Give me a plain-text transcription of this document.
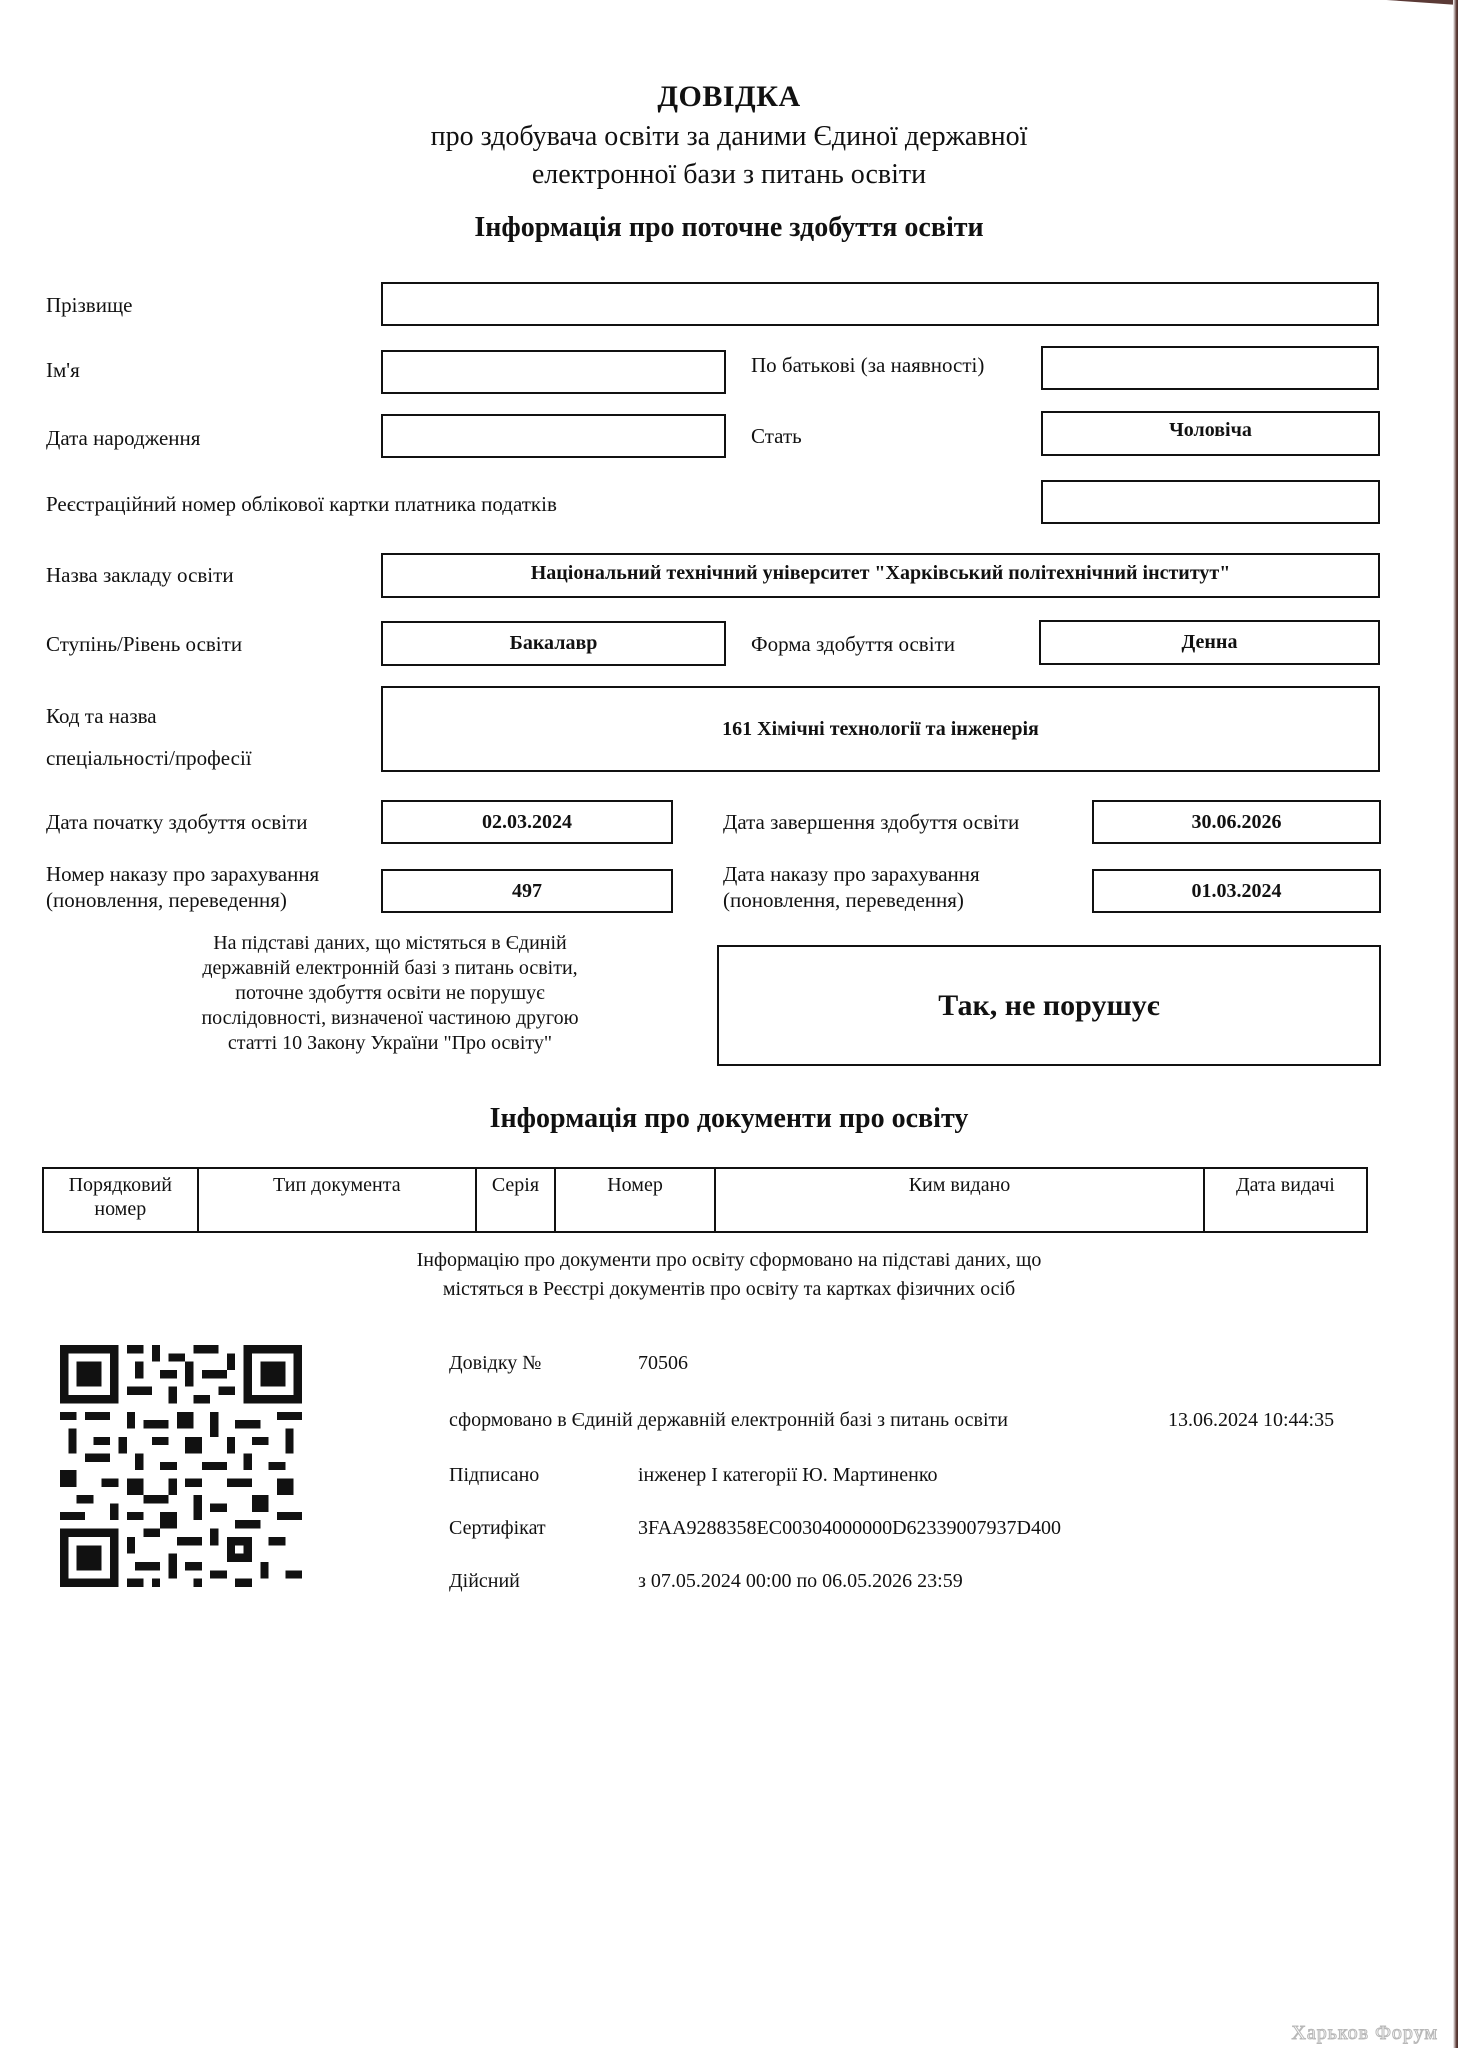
ДОВІДКА
про здобувача освіти за даними Єдиної державної
електронної бази з питань освіти
Інформація про поточне здобуття освіти
Прізвище
Ім'я	По батькові (за наявності)
Дата народження	Стать	Чоловіча
Реєстраційний номер облікової картки платника податків
Назва закладу освіти	Національний технічний університет "Харківський політехнічний інститут"
Ступінь/Рівень освіти	Бакалавр	Форма здобуття освіти	Денна
Код та назва
спеціальності/професії
161 Хімічні технології та інженерія
Дата початку здобуття освіти	02.03.2024	Дата завершення здобуття освіти	30.06.2026
Номер наказу про зарахування
(поновлення, переведення)	497
Дата наказу про зарахування
(поновлення, переведення)	01.03.2024
На підставі даних, що містяться в Єдиній
державній електронній базі з питань освіти,
поточне здобуття освіти не порушує
послідовності, визначеної частиною другою
статті 10 Закону України "Про освіту"
Так, не порушує
Інформація про документи про освіту
Порядковий номер	Тип документа	Серія	Номер	Ким видано	Дата видачі
Інформацію про документи про освіту сформовано на підставі даних, що
містяться в Реєстрі документів про освіту та картках фізичних осіб
Довідку №	70506
сформовано в Єдиній державній електронній базі з питань освіти	13.06.2024 10:44:35
Підписано	інженер I категорії Ю. Мартиненко
Сертифікат	3FAA9288358EC00304000000D62339007937D400
Дійсний	з 07.05.2024 00:00 по 06.05.2026 23:59
Харьков Форум
